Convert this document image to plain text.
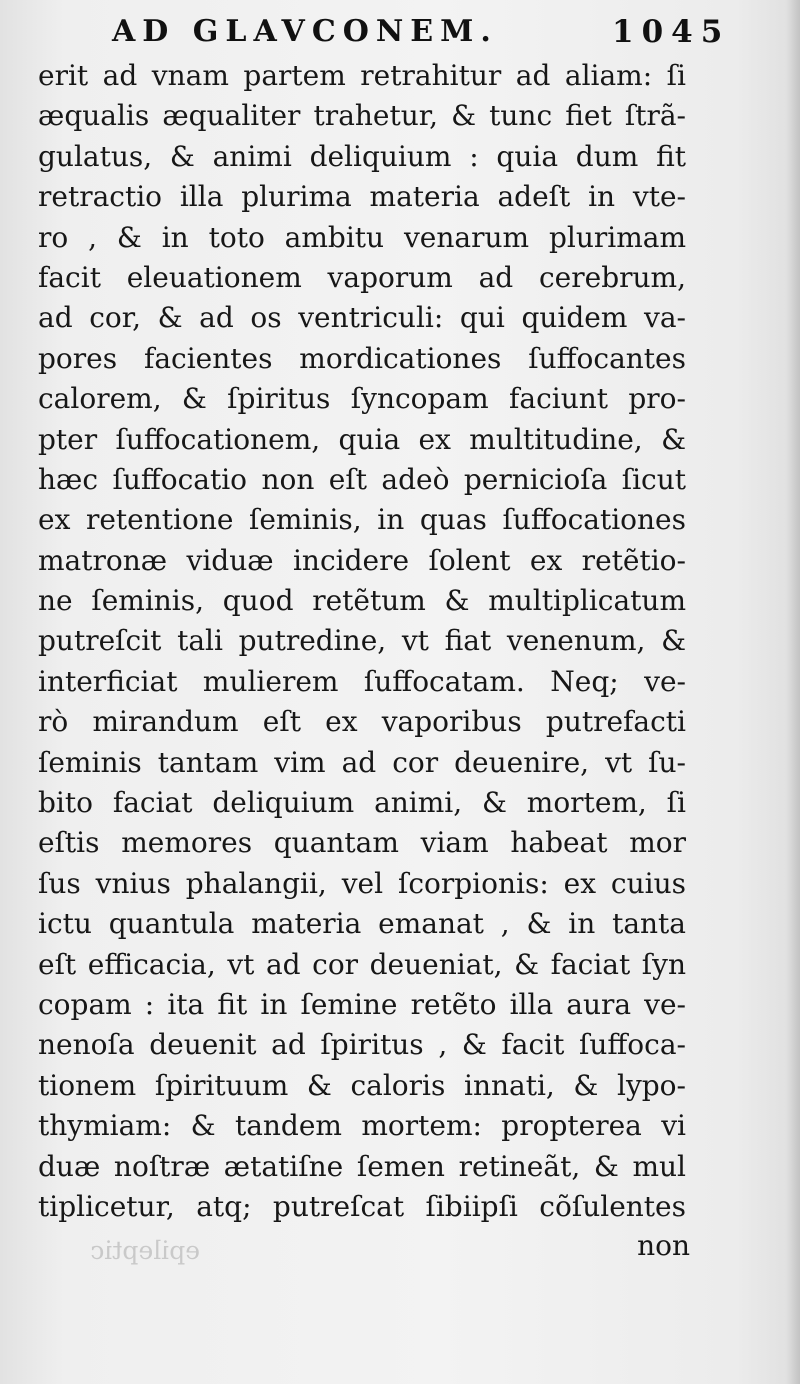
AD GLAVCONEM.	1045
erit ad vnam partem retrahitur ad aliam: ſi
æqualis æqualiter trahetur, & tunc fiet ſtrã-
gulatus, & animi deliquium : quia dum fit
retractio illa plurima materia adeſt in vte-
ro , & in toto ambitu venarum plurimam
facit eleuationem vaporum ad cerebrum,
ad cor, & ad os ventriculi: qui quidem va-
pores facientes mordicationes ſuffocantes
calorem, & ſpiritus ſyncopam faciunt pro-
pter ſuffocationem, quia ex multitudine, &
hæc ſuffocatio non eſt adeò pernicioſa ſicut
ex retentione ſeminis, in quas ſuffocationes
matronæ viduæ incidere ſolent ex retẽtio-
ne ſeminis, quod retẽtum & multiplicatum
putreſcit tali putredine, vt fiat venenum, &
interficiat mulierem ſuffocatam. Neq; ve-
rò mirandum eſt ex vaporibus putrefacti
ſeminis tantam vim ad cor deuenire, vt ſu-
bito faciat deliquium animi, & mortem, ſi
eſtis memores quantam viam habeat mor
ſus vnius phalangii, vel ſcorpionis: ex cuius
ictu quantula materia emanat , & in tanta
eſt efficacia, vt ad cor deueniat, & faciat ſyn
copam : ita fit in ſemine retẽto illa aura ve-
nenoſa deuenit ad ſpiritus , & facit ſuffoca-
tionem ſpirituum & caloris innati, & lypo-
thymiam: & tandem mortem: propterea vi
duæ noſtræ ætatiſne ſemen retineãt, & mul
tiplicetur, atq; putreſcat ſibiipſi cõſulentes
epileptic	non
